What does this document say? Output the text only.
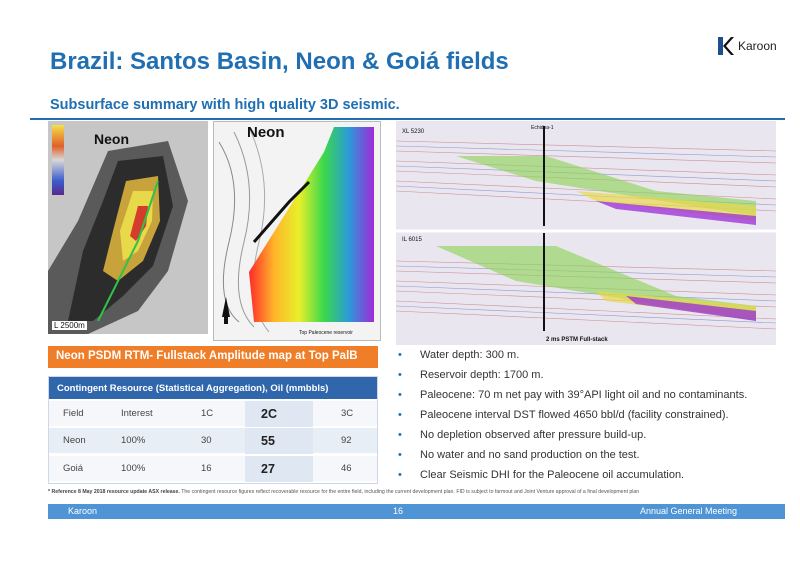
Brazil: Santos Basin, Neon & Goiá fields
Karoon
Subsurface summary with high quality 3D seismic.
Neon
L 2500m
Top Paleocene reservoir
Neon	XL 5230
IL 6015
Echidna-1
2 ms PSTM Full-stack
Neon PSDM RTM- Fullstack Amplitude map at Top PalB
Contingent Resource (Statistical Aggregation), Oil (mmbbls)
Field	Interest	1C	2C	3C
Neon	100%	30	55	92
Goiá	100%	16	27	46
•	Water depth: 300 m.
•	Reservoir depth: 1700 m.
•	Paleocene: 70 m net pay with 39°API light oil and no contaminants.
•	Paleocene interval DST flowed 4650 bbl/d (facility constrained).
•	No depletion observed after pressure build-up.
•	No water and no sand production on the test.
•	Clear Seismic DHI for the Paleocene oil accumulation.
* Reference 8 May 2018 resource update ASX release. The contingent resource figures reflect recoverable resource for the entire field, including the current development plan. FID is subject to farmout and Joint Venture approval of a final development plan
Karoon	16	Annual General Meeting
